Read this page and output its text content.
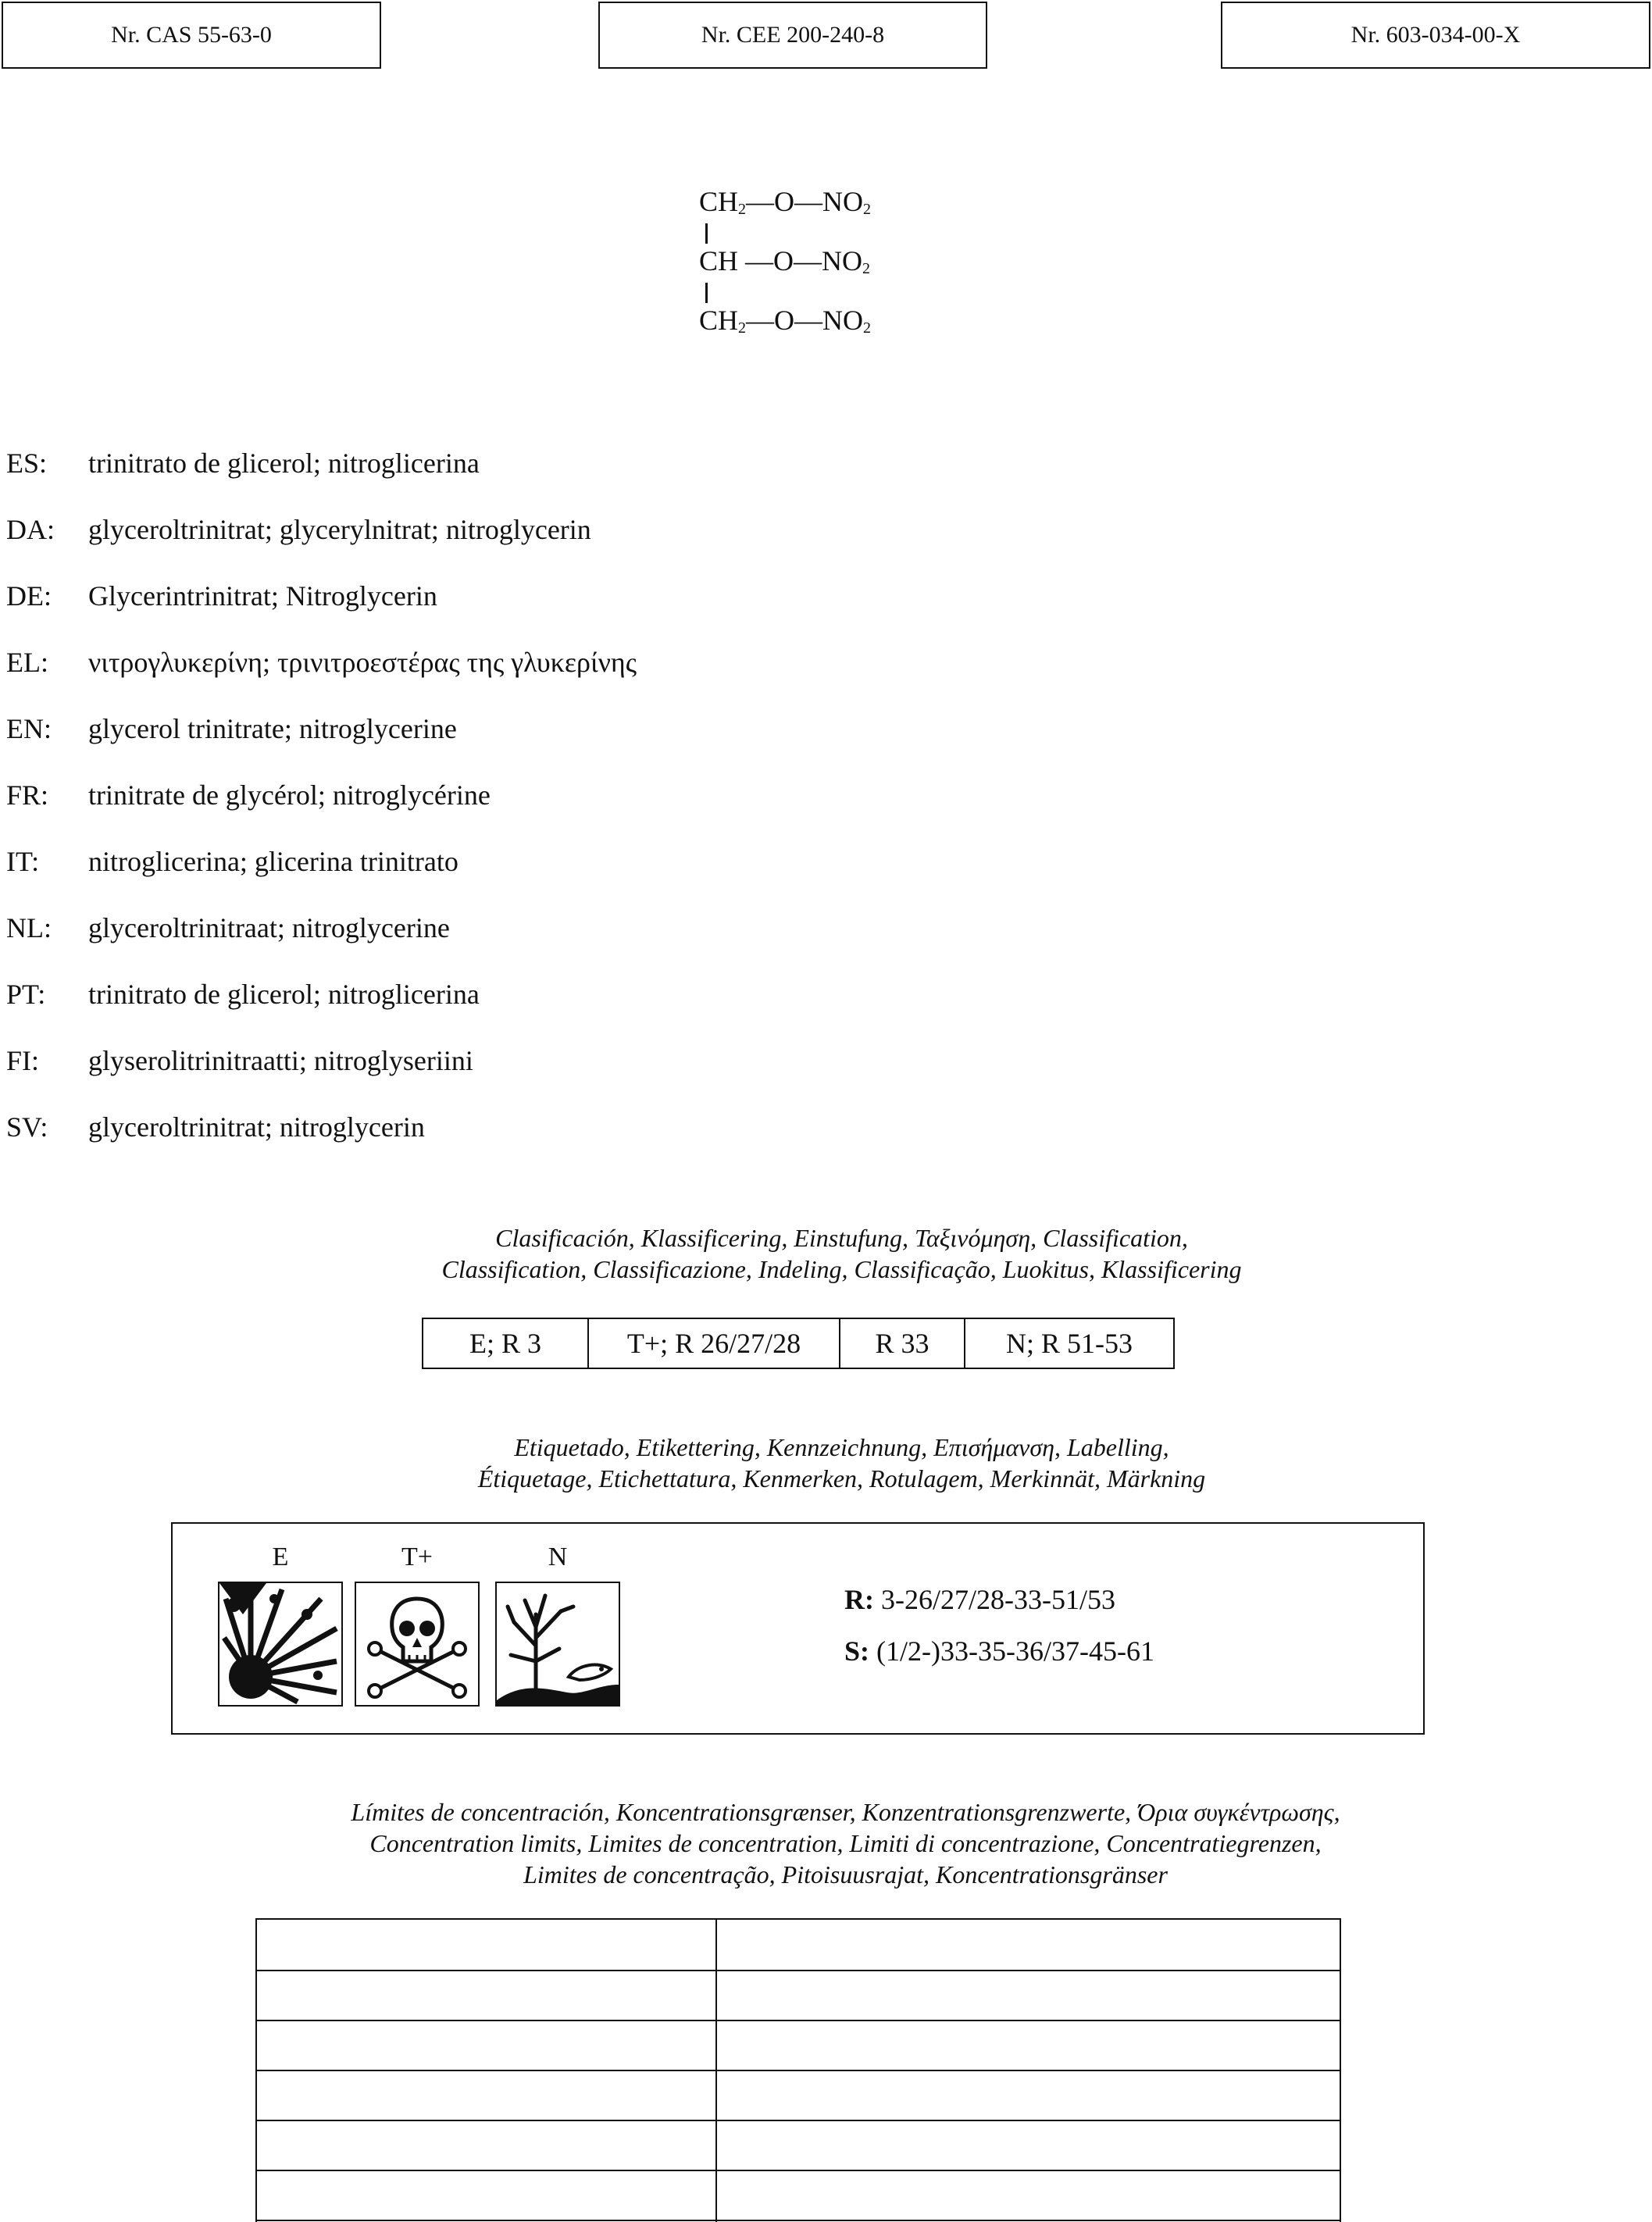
Nr. CAS 55-63-0	Nr. CEE 200-240-8	Nr. 603-034-00-X
$CH_2—O—NO_2$
CH $—O—NO_2$
$CH_2—O—NO_2$
ES:	trinitrato de glicerol; nitroglicerina
DA:	glyceroltrinitrat; glycerylnitrat; nitroglycerin
DE:	Glycerintrinitrat; Nitroglycerin
EL:	νιτρογλυκερίνη; τρινιτροεστέρας της γλυκερίνης
EN:	glycerol trinitrate; nitroglycerine
FR:	trinitrate de glycérol; nitroglycérine
IT:	nitroglicerina; glicerina trinitrato
NL:	glyceroltrinitraat; nitroglycerine
PT:	trinitrato de glicerol; nitroglicerina
FI:	glyserolitrinitraatti; nitroglyseriini
SV:	glyceroltrinitrat; nitroglycerin
Clasificación, Klassificering, Einstufung, Ταξινόμηση, Classification,
Classification, Classificazione, Indeling, Classificação, Luokitus, Klassificering
E; R 3	T+; R 26/27/28	R 33	N; R 51-53
Etiquetado, Etikettering, Kennzeichnung, Επισήμανση, Labelling,
Étiquetage, Etichettatura, Kenmerken, Rotulagem, Merkinnät, Märkning
E	T+	N
R: 3-26/27/28-33-51/53
S: (1/2-)33-35-36/37-45-61
Límites de concentración, Koncentrationsgrænser, Konzentrationsgrenzwerte, Όρια συγκέντρωσης,
Concentration limits, Limites de concentration, Limiti di concentrazione, Concentratiegrenzen,
Limites de concentração, Pitoisuusrajat, Koncentrationsgränser
